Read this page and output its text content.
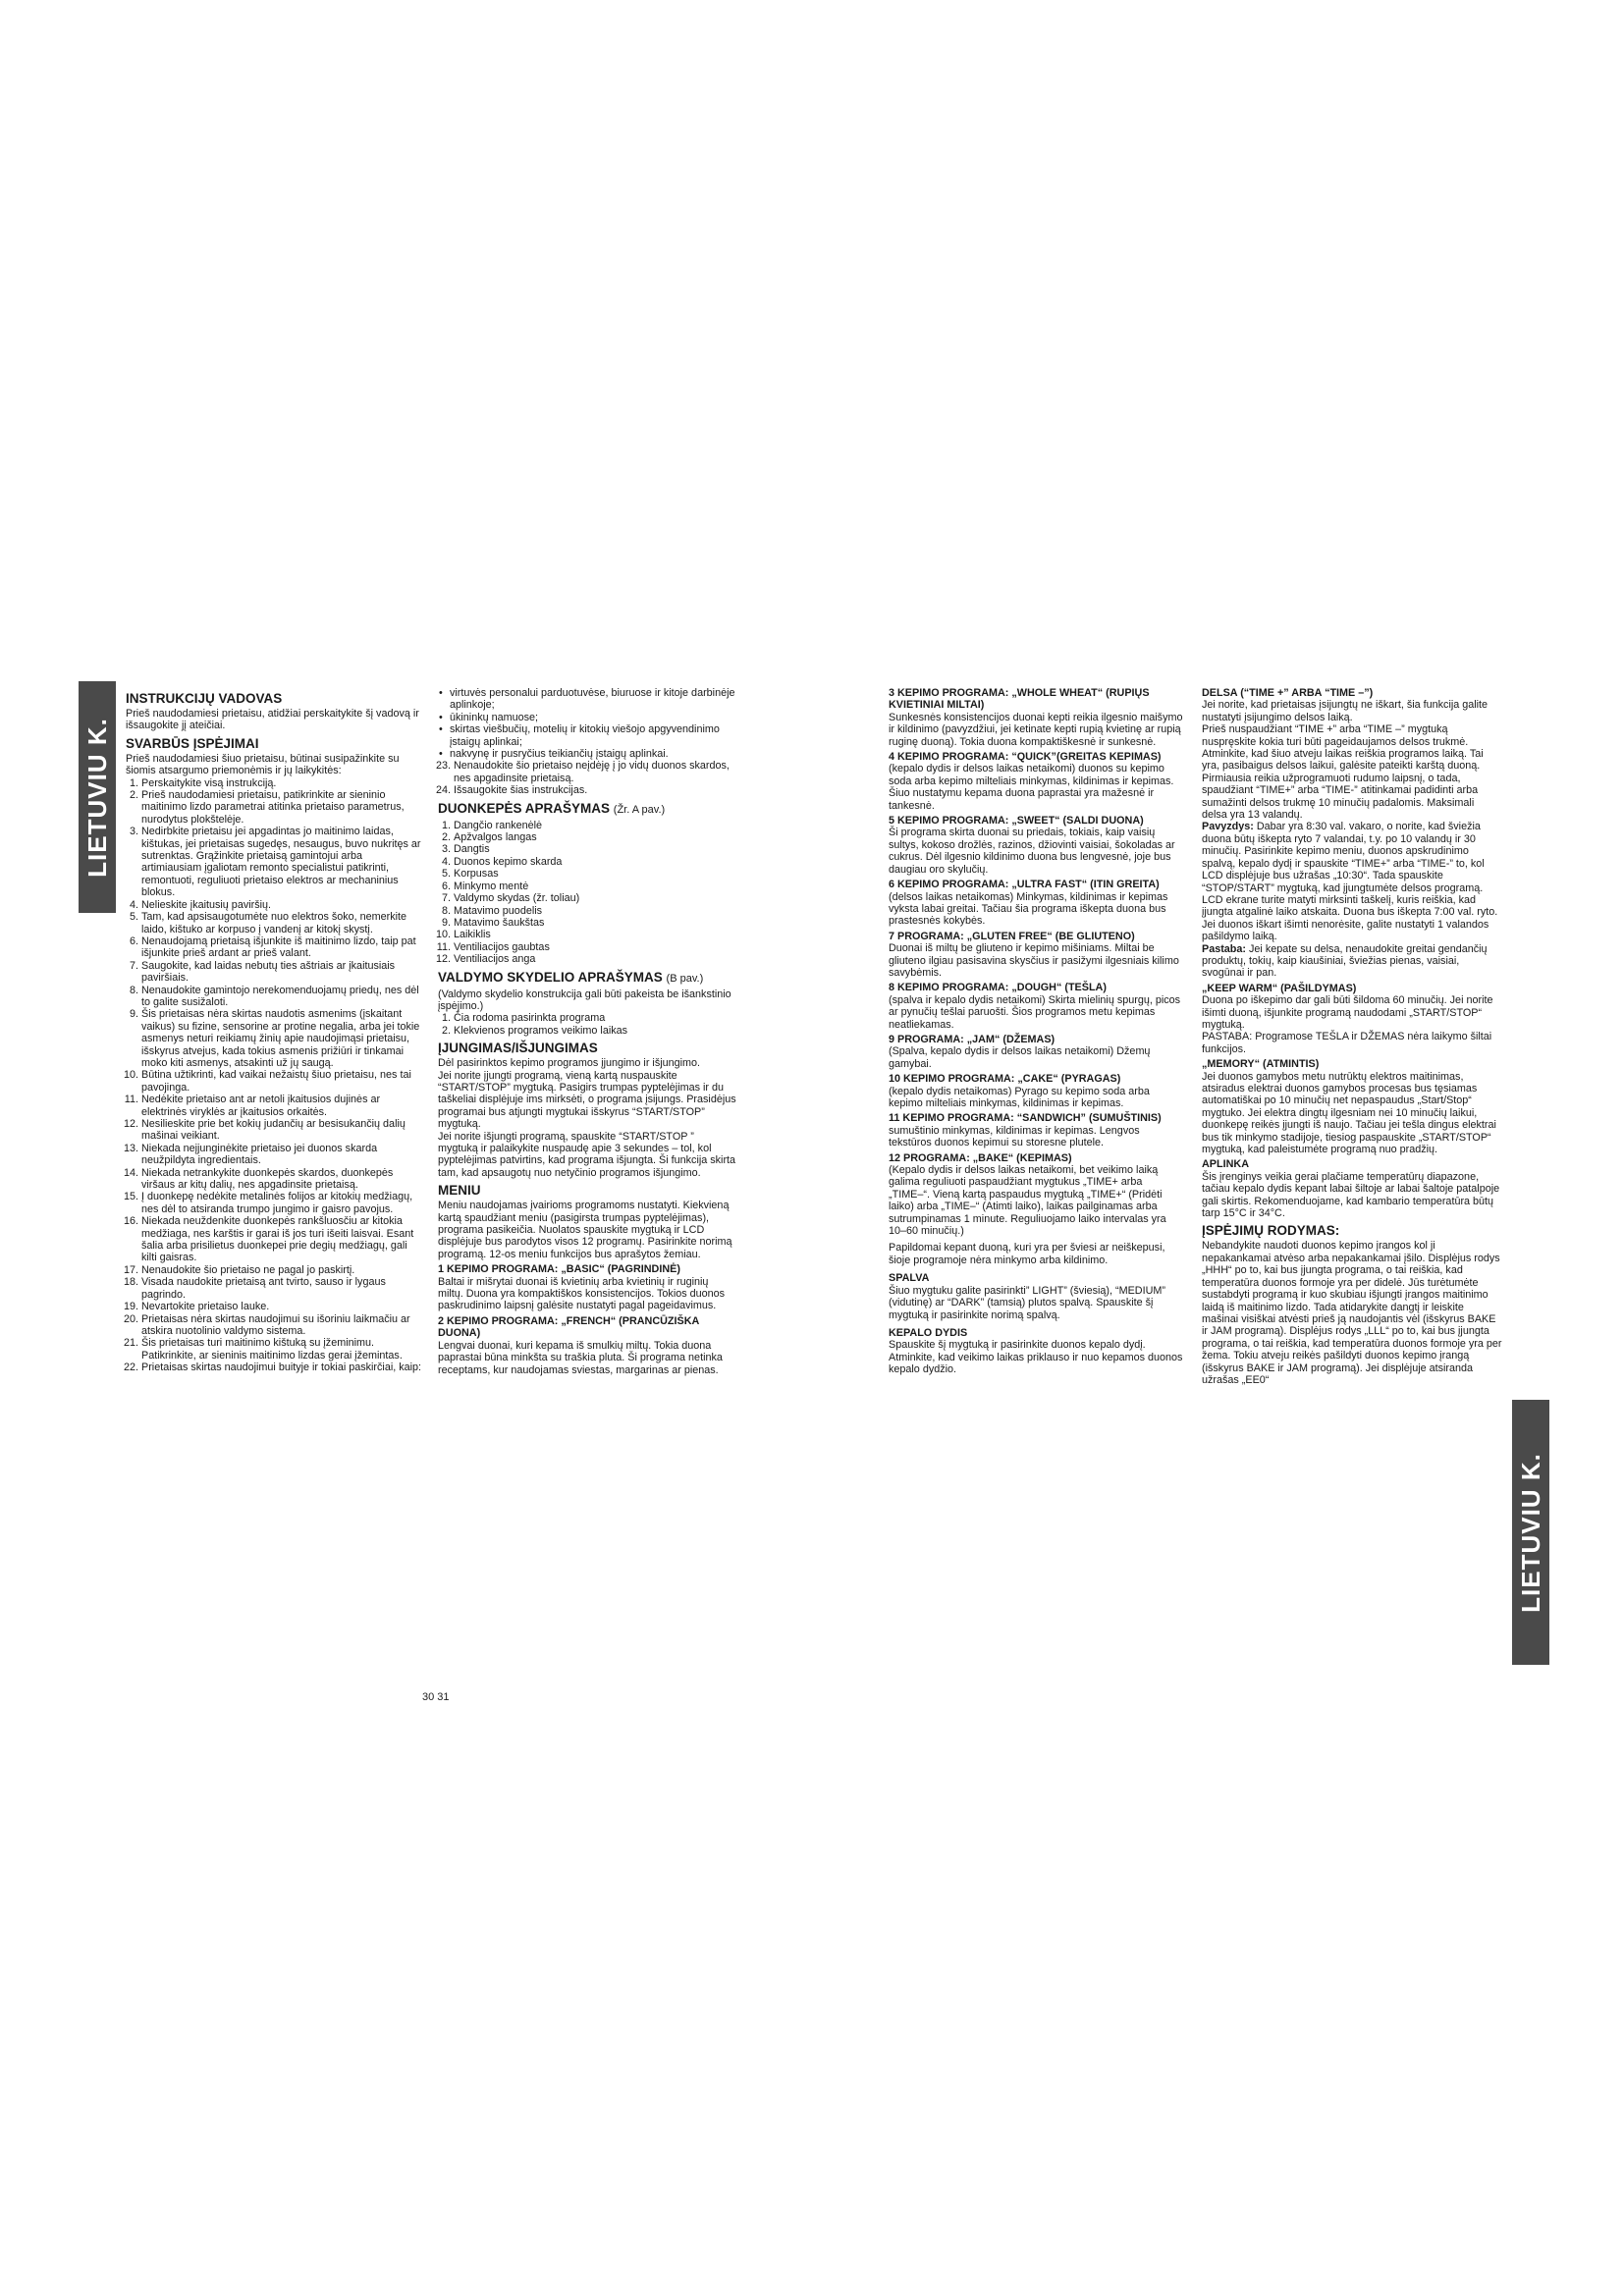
LIETUVIU K.
LIETUVIU K.
INSTRUKCIJŲ VADOVAS

Prieš naudodamiesi prietaisu, atidžiai perskaitykite šį vadovą ir išsaugokite jį ateičiai.

SVARBŪS ĮSPĖJIMAI

Prieš naudodamiesi šiuo prietaisu, būtinai susipažinkite su šiomis atsargumo priemonėmis ir jų laikykitės:

1. Perskaitykite visą instrukciją.
2. Prieš naudodamiesi prietaisu, patikrinkite ar sieninio maitinimo lizdo parametrai atitinka prietaiso parametrus, nurodytus plokštelėje.
3. Nedirbkite prietaisu jei apgadintas jo maitinimo laidas, kištukas, jei prietaisas sugedęs, nesaugus, buvo nukritęs ar sutrenktas. Grąžinkite prietaisą gamintojui arba artimiausiam įgaliotam remonto specialistui patikrinti, remontuoti, reguliuoti prietaiso elektros ar mechaninius blokus.
4. Nelieskite įkaitusių paviršių.
5. Tam, kad apsisaugotumėte nuo elektros šoko, nemerkite laido, kištuko ar korpuso į vandenį ar kitokį skystį.
6. Nenaudojamą prietaisą išjunkite iš maitinimo lizdo, taip pat išjunkite prieš ardant ar prieš valant.
7. Saugokite, kad laidas nebutų ties aštriais ar įkaitusiais paviršiais.
8. Nenaudokite gamintojo nerekomenduojamų priedų, nes dėl to galite susižaloti.
9. Šis prietaisas nėra skirtas naudotis asmenims (įskaitant vaikus) su fizine, sensorine ar protine negalia, arba jei tokie asmenys neturi reikiamų žinių apie naudojimąsi prietaisu, išskyrus atvejus, kada tokius asmenis prižiūri ir tinkamai moko kiti asmenys, atsakinti už jų saugą.
10. Būtina užtikrinti, kad vaikai nežaistų šiuo prietaisu, nes tai pavojinga.
11. Nedėkite prietaiso ant ar netoli įkaitusios dujinės ar elektrinės viryklės ar įkaitusios orkaitės.
12. Nesilieskite prie bet kokių judančių ar besisukančių dalių mašinai veikiant.
13. Niekada neįjunginėkite prietaiso jei duonos skarda neužpildyta ingredientais.
14. Niekada netrankykite duonkepės skardos, duonkepės viršaus ar kitų dalių, nes apgadinsite prietaisą.
15. Į duonkepę nedėkite metalinės folijos ar kitokių medžiagų, nes dėl to atsiranda trumpo jungimo ir gaisro pavojus.
16. Niekada neuždenkite duonkepės rankšluosčiu ar kitokia medžiaga, nes karštis ir garai iš jos turi išeiti laisvai. Esant šalia arba prisilietus duonkepei prie degių medžiagų, gali kilti gaisras.
17. Nenaudokite šio prietaiso ne pagal jo paskirtį.
18. Visada naudokite prietaisą ant tvirto, sauso ir lygaus pagrindo.
19. Nevartokite prietaiso lauke.
20. Prietaisas nėra skirtas naudojimui su išoriniu laikmačiu ar atskira nuotolinio valdymo sistema.
21. Šis prietaisas turi maitinimo kištuką su įžeminimu. Patikrinkite, ar sieninis maitinimo lizdas gerai įžemintas.
22. Prietaisas skirtas naudojimui buityje ir tokiai paskirčiai, kaip:
• virtuvės personalui parduotuvėse, biuruose ir kitoje darbinėje aplinkoje;
• ūkininkų namuose;
• skirtas viešbučių, motelių ir kitokių viešojo apgyvendinimo įstaigų aplinkai;
• nakvynę ir pusryčius teikiančių įstaigų aplinkai.
23. Nenaudokite šio prietaiso neįdėję į jo vidų duonos skardos, nes apgadinsite prietaisą.
24. Išsaugokite šias instrukcijas.
DUONKEPĖS APRAŠYMAS (Žr. A pav.)
1. Dangčio rankenėlė
2. Apžvalgos langas
3. Dangtis
4. Duonos kepimo skarda
5. Korpusas
6. Minkymo mentė
7. Valdymo skydas (žr. toliau)
8. Matavimo puodelis
9. Matavimo šaukštas
10. Laikiklis
11. Ventiliacijos gaubtas
12. Ventiliacijos anga
VALDYMO SKYDELIO APRAŠYMAS (B pav.)

(Valdymo skydelio konstrukcija gali būti pakeista be išankstinio įspėjimo.)

1. Čia rodoma pasirinkta programa
2. Klekvienos programos veikimo laikas
ĮJUNGIMAS/IŠJUNGIMAS

Dėl pasirinktos kepimo programos įjungimo ir išjungimo.
Jei norite įjungti programą, vieną kartą nuspauskite “START/STOP” mygtuką. Pasigirs trumpas pyptelėjimas ir du taškeliai displėjuje ims mirksėti, o programa įsijungs. Prasidėjus programai bus atjungti mygtukai išskyrus “START/STOP” mygtuką.
Jei norite išjungti programą, spauskite “START/STOP ” mygtuką ir palaikykite nuspaudę apie 3 sekundes – tol, kol pyptelėjimas patvirtins, kad programa išjungta. Ši funkcija skirta tam, kad apsaugotų nuo netyčinio programos išjungimo.

MENIU

Meniu naudojamas įvairioms programoms nustatyti. Kiekvieną kartą spaudžiant meniu (pasigirsta trumpas pyptelėjimas), programa pasikeičia. Nuolatos spauskite mygtuką ir LCD displėjuje bus parodytos visos 12 programų. Pasirinkite norimą programą. 12-os meniu funkcijos bus aprašytos žemiau.

1 KEPIMO PROGRAMA: „BASIC“ (PAGRINDINĖ)

Baltai ir mišrytai duonai iš kvietinių arba kvietinių ir ruginių miltų. Duona yra kompaktiškos konsistencijos. Tokios duonos paskrudinimo laipsnį galėsite nustatyti pagal pageidavimus.

2 KEPIMO PROGRAMA: „FRENCH“ (PRANCŪZIŠKA DUONA)

Lengvai duonai, kuri kepama iš smulkių miltų. Tokia duona paprastai būna minkšta su traškia pluta. Ši programa netinka receptams, kur naudojamas sviestas, margarinas ar pienas.

3 KEPIMO PROGRAMA: „WHOLE WHEAT“ (RUPIŲS KVIETINIAI MILTAI)

Sunkesnės konsistencijos duonai kepti reikia ilgesnio maišymo ir kildinimo (pavyzdžiui, jei ketinate kepti rupią kvietinę ar rupią ruginę duoną). Tokia duona kompaktiškesnė ir sunkesnė.

4 KEPIMO PROGRAMA: “QUICK”(GREITAS KEPIMAS)

(kepalo dydis ir delsos laikas netaikomi) duonos su kepimo soda arba kepimo milteliais minkymas, kildinimas ir kepimas. Šiuo nustatymu kepama duona paprastai yra mažesnė ir tankesnė.

5 KEPIMO PROGRAMA: „SWEET“ (SALDI DUONA)

Ši programa skirta duonai su priedais, tokiais, kaip vaisių sultys, kokoso drožlės, razinos, džiovinti vaisiai, šokoladas ar cukrus. Dėl ilgesnio kildinimo duona bus lengvesnė, joje bus daugiau oro skylučių.

6 KEPIMO PROGRAMA: „ULTRA FAST“ (ITIN GREITA)

(delsos laikas netaikomas) Minkymas, kildinimas ir kepimas vyksta labai greitai. Tačiau šia programa iškepta duona bus prastesnės kokybės.

7 PROGRAMA: „GLUTEN FREE“ (BE GLIUTENO)

Duonai iš miltų be gliuteno ir kepimo mišiniams. Miltai be gliuteno ilgiau pasisavina skysčius ir pasižymi ilgesniais kilimo savybėmis.

8 KEPIMO PROGRAMA: „DOUGH“ (TEŠLA)

(spalva ir kepalo dydis netaikomi) Skirta mielinių spurgų, picos ar pynučių tešlai paruošti. Šios programos metu kepimas neatliekamas.

9 PROGRAMA: „JAM“ (DŽEMAS)

(Spalva, kepalo dydis ir delsos laikas netaikomi) Džemų gamybai.

10 KEPIMO PROGRAMA: „CAKE“ (PYRAGAS)

(kepalo dydis netaikomas) Pyrago su kepimo soda arba kepimo milteliais minkymas, kildinimas ir kepimas.

11 KEPIMO PROGRAMA: “SANDWICH” (SUMUŠTINIS)

sumuštinio minkymas, kildinimas ir kepimas. Lengvos tekstūros duonos kepimui su storesne plutele.

12 PROGRAMA: „BAKE“ (KEPIMAS)

(Kepalo dydis ir delsos laikas netaikomi, bet veikimo laiką galima reguliuoti paspaudžiant mygtukus „TIME+ arba „TIME–“. Vieną kartą paspaudus mygtuką „TIME+“ (Pridėti laiko) arba „TIME–“ (Atimti laiko), laikas pailginamas arba sutrumpinamas 1 minute. Reguliuojamo laiko intervalas yra 10–60 minučių.)

Papildomai kepant duoną, kuri yra per šviesi ar neiškepusi, šioje programoje nėra minkymo arba kildinimo.

SPALVA

Šiuo mygtuku galite pasirinkti” LIGHT” (šviesią), “MEDIUM” (vidutinę) ar “DARK” (tamsią) plutos spalvą. Spauskite šį mygtuką ir pasirinkite norimą spalvą.

KEPALO DYDIS

Spauskite šį mygtuką ir pasirinkite duonos kepalo dydį. Atminkite, kad veikimo laikas priklauso ir nuo kepamos duonos kepalo dydžio.

DELSA (“TIME +” ARBA “TIME –”)

Jei norite, kad prietaisas įsijungtų ne iškart, šia funkcija galite nustatyti įsijungimo delsos laiką.
Prieš nuspaudžiant “TIME +” arba “TIME –” mygtuką nuspręskite kokia turi būti pageidaujamos delsos trukmė. Atminkite, kad šiuo atveju laikas reiškia programos laiką. Tai yra, pasibaigus delsos laikui, galėsite pateikti karštą duoną. Pirmiausia reikia užprogramuoti rudumo laipsnį, o tada, spaudžiant “TIME+” arba “TIME-” atitinkamai padidinti arba sumažinti delsos trukmę 10 minučių padalomis. Maksimali delsa yra 13 valandų.

Pavyzdys: Dabar yra 8:30 val. vakaro, o norite, kad šviežia duona būtų iškepta ryto 7 valandai, t.y. po 10 valandų ir 30 minučių. Pasirinkite kepimo meniu, duonos apskrudinimo spalvą, kepalo dydį ir spauskite “TIME+” arba “TIME-” to, kol LCD displėjuje bus užrašas „10:30“. Tada spauskite “STOP/START” mygtuką, kad įjungtumėte delsos programą. LCD ekrane turite matyti mirksinti taškelį, kuris reiškia, kad įjungta atgalinė laiko atskaita. Duona bus iškepta 7:00 val. ryto. Jei duonos iškart išimti nenorėsite, galite nustatyti 1 valandos pašildymo laiką.

Pastaba: Jei kepate su delsa, nenaudokite greitai gendančių produktų, tokių, kaip kiaušiniai, šviežias pienas, vaisiai, svogūnai ir pan.

„KEEP WARM“ (PAŠILDYMAS)

Duona po iškepimo dar gali būti šildoma 60 minučių. Jei norite išimti duoną, išjunkite programą naudodami „START/STOP“ mygtuką.
PASTABA: Programose TEŠLA ir DŽEMAS nėra laikymo šiltai funkcijos.

„MEMORY“ (ATMINTIS)

Jei duonos gamybos metu nutrūktų elektros maitinimas, atsiradus elektrai duonos gamybos procesas bus tęsiamas automatiškai po 10 minučių net nepaspaudus „Start/Stop“ mygtuko. Jei elektra dingtų ilgesniam nei 10 minučių laikui, duonkepę reikės įjungti iš naujo. Tačiau jei tešla dingus elektrai bus tik minkymo stadijoje, tiesiog paspauskite „START/STOP“ mygtuką, kad paleistumėte programą nuo pradžių.

APLINKA

Šis įrenginys veikia gerai plačiame temperatūrų diapazone, tačiau kepalo dydis kepant labai šiltoje ar labai šaltoje patalpoje gali skirtis. Rekomenduojame, kad kambario temperatūra būtų tarp 15°C ir 34°C.

ĮSPĖJIMŲ RODYMAS:

Nebandykite naudoti duonos kepimo įrangos kol ji nepakankamai atvėso arba nepakankamai įšilo. Displėjus rodys „HHH“ po to, kai bus įjungta programa, o tai reiškia, kad temperatūra duonos formoje yra per didelė. Jūs turėtumėte sustabdyti programą ir kuo skubiau išjungti įrangos maitinimo laidą iš maitinimo lizdo. Tada atidarykite dangtį ir leiskite mašinai visiškai atvėsti prieš ją naudojantis vėl (išskyrus BAKE ir JAM programą). Displėjus rodys „LLL“ po to, kai bus įjungta programa, o tai reiškia, kad temperatūra duonos formoje yra per žema. Tokiu atveju reikės pašildyti duonos kepimo įrangą (išskyrus BAKE ir JAM programą). Jei displėjuje atsiranda užrašas „EE0“

30 31
